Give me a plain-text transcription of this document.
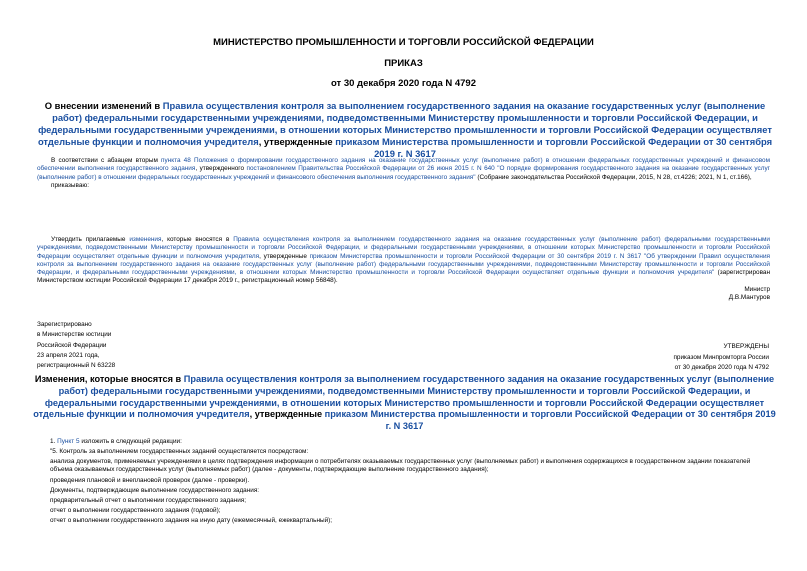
МИНИСТЕРСТВО ПРОМЫШЛЕННОСТИ И ТОРГОВЛИ РОССИЙСКОЙ ФЕДЕРАЦИИ
ПРИКАЗ
от 30 декабря 2020 года N 4792
О внесении изменений в Правила осуществления контроля за выполнением государственного задания на оказание государственных услуг (выполнение работ) федеральными государственными учреждениями, подведомственными Министерству промышленности и торговли Российской Федерации, и федеральными государственными учреждениями, в отношении которых Министерство промышленности и торговли Российской Федерации осуществляет отдельные функции и полномочия учредителя, утвержденные приказом Министерства промышленности и торговли Российской Федерации от 30 сентября 2019 г. N 3617
В соответствии с абзацем вторым пункта 48 Положения о формировании государственного задания на оказание государственных услуг (выполнение работ) в отношении федеральных государственных учреждений и финансовом обеспечении выполнения государственного задания, утвержденного постановлением Правительства Российской Федерации от 26 июня 2015 г. N 640 "О порядке формирования государственного задания на оказание государственных услуг (выполнение работ) в отношении федеральных государственных учреждений и финансового обеспечения выполнения государственного задания" (Собрание законодательства Российской Федерации, 2015, N 28, ст.4226; 2021, N 1, ст.166),
приказываю:
Утвердить прилагаемые изменения, которые вносятся в Правила осуществления контроля за выполнением государственного задания на оказание государственных услуг (выполнение работ) федеральными государственными учреждениями, подведомственными Министерству промышленности и торговли Российской Федерации, и федеральными государственными учреждениями, в отношении которых Министерство промышленности и торговли Российской Федерации осуществляет отдельные функции и полномочия учредителя, утвержденные приказом Министерства промышленности и торговли Российской Федерации от 30 сентября 2019 г. N 3617 "Об утверждении Правил осуществления контроля за выполнением государственного задания на оказание государственных услуг (выполнение работ) федеральными государственными учреждениями, подведомственными Министерству промышленности и торговли Российской Федерации, и федеральными государственными учреждениями, в отношении которых Министерство промышленности и торговли Российской Федерации осуществляет отдельные функции и полномочия учредителя" (зарегистрирован Министерством юстиции Российской Федерации 17 декабря 2019 г., регистрационный номер 56848).
Министр
Д.В.Мантуров
Зарегистрировано
в Министерстве юстиции
Российской Федерации
23 апреля 2021 года,
регистрационный N 63228
УТВЕРЖДЕНЫ
приказом Минпромторга России
от 30 декабря 2020 года N 4792
Изменения, которые вносятся в Правила осуществления контроля за выполнением государственного задания на оказание государственных услуг (выполнение работ) федеральными государственными учреждениями, подведомственными Министерству промышленности и торговли Российской Федерации, и федеральными государственными учреждениями, в отношении которых Министерство промышленности и торговли Российской Федерации осуществляет отдельные функции и полномочия учредителя, утвержденные приказом Министерства промышленности и торговли Российской Федерации от 30 сентября 2019 г. N 3617
1. Пункт 5 изложить в следующей редакции:
"5. Контроль за выполнением государственных заданий осуществляется посредством:
анализа документов, применяемых учреждениями в целях подтверждения информации о потребителях оказываемых государственных услуг (выполняемых работ) и выполнения содержащихся в государственном задании показателей объема оказываемых государственных услуг (выполняемых работ) (далее - документы, подтверждающие выполнение государственного задания);
проведения плановой и внеплановой проверок (далее - проверки).
Документы, подтверждающие выполнение государственного задания:
предварительный отчет о выполнении государственного задания;
отчет о выполнении государственного задания (годовой);
отчет о выполнении государственного задания на иную дату (ежемесячный, ежеквартальный);
